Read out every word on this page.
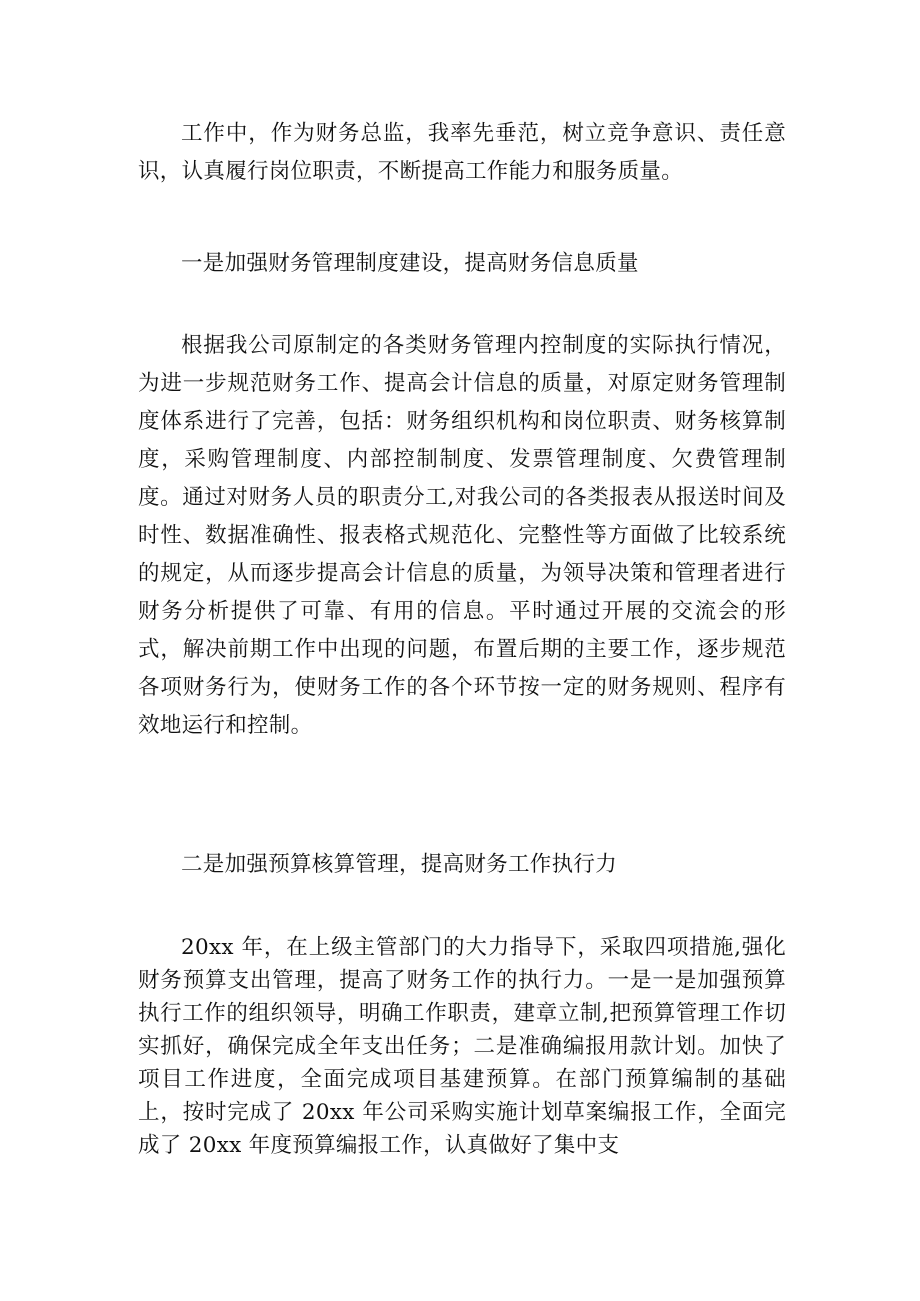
工作中，作为财务总监，我率先垂范，树立竞争意识、责任意识，认真履行岗位职责，不断提高工作能力和服务质量。

一是加强财务管理制度建设，提高财务信息质量

根据我公司原制定的各类财务管理内控制度的实际执行情况，为进一步规范财务工作、提高会计信息的质量，对原定财务管理制度体系进行了完善，包括：财务组织机构和岗位职责、财务核算制度，采购管理制度、内部控制制度、发票管理制度、欠费管理制度。通过对财务人员的职责分工,对我公司的各类报表从报送时间及时性、数据准确性、报表格式规范化、完整性等方面做了比较系统的规定，从而逐步提高会计信息的质量，为领导决策和管理者进行财务分析提供了可靠、有用的信息。平时通过开展的交流会的形式，解决前期工作中出现的问题，布置后期的主要工作，逐步规范各项财务行为，使财务工作的各个环节按一定的财务规则、程序有效地运行和控制。

二是加强预算核算管理，提高财务工作执行力

20xx 年，在上级主管部门的大力指导下，采取四项措施,强化财务预算支出管理，提高了财务工作的执行力。一是一是加强预算执行工作的组织领导，明确工作职责，建章立制,把预算管理工作切实抓好，确保完成全年支出任务；二是准确编报用款计划。加快了项目工作进度，全面完成项目基建预算。在部门预算编制的基础上，按时完成了 20xx 年公司采购实施计划草案编报工作，全面完成了 20xx 年度预算编报工作，认真做好了集中支
